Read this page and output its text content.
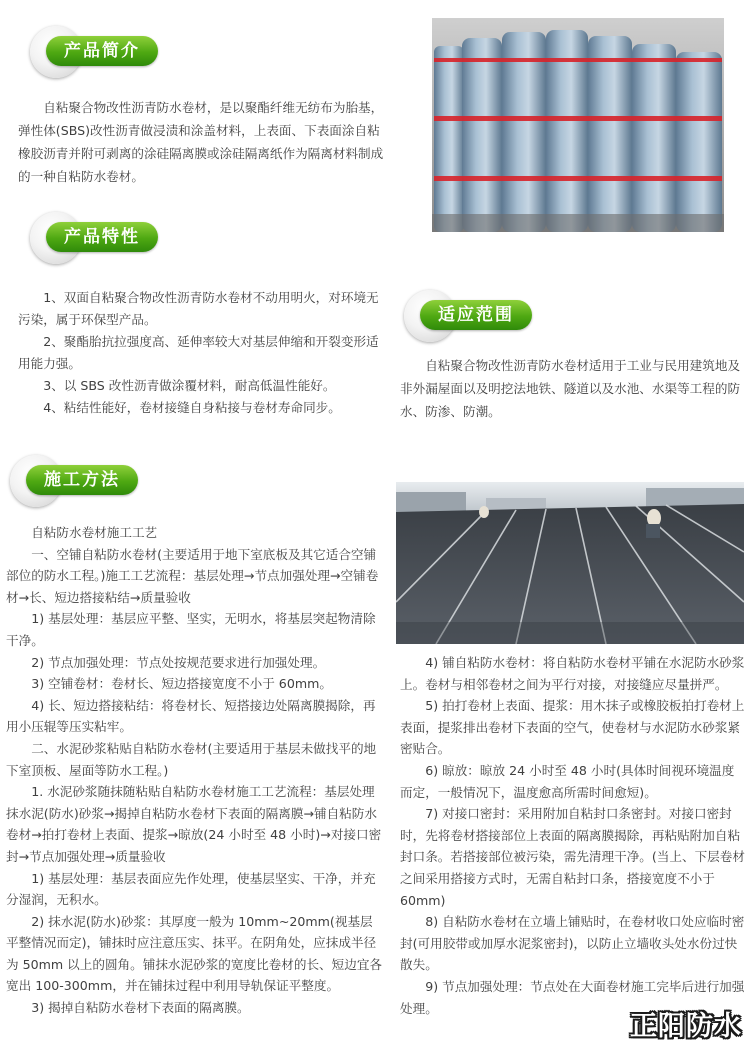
产品简介
自粘聚合物改性沥青防水卷材，是以聚酯纤维无纺布为胎基，弹性体(SBS)改性沥青做浸渍和涂盖材料，上表面、下表面涂自粘橡胶沥青并附可剥离的涂硅隔离膜或涂硅隔离纸作为隔离材料制成的一种自粘防水卷材。
产品特性

1、双面自粘聚合物改性沥青防水卷材不动用明火，对环境无污染，属于环保型产品。

2、聚酯胎抗拉强度高、延伸率较大对基层伸缩和开裂变形适用能力强。

3、以 SBS 改性沥青做涂覆材料，耐高低温性能好。

4、粘结性能好，卷材接缝自身粘接与卷材寿命同步。

适应范围
自粘聚合物改性沥青防水卷材适用于工业与民用建筑地及非外漏屋面以及明挖法地铁、隧道以及水池、水渠等工程的防水、防渗、防潮。
施工方法

自粘防水卷材施工工艺

一、空铺自粘防水卷材(主要适用于地下室底板及其它适合空铺部位的防水工程。)施工工艺流程：基层处理→节点加强处理→空铺卷材→长、短边搭接粘结→质量验收

1) 基层处理：基层应平整、坚实，无明水，将基层突起物清除干净。

2) 节点加强处理：节点处按规范要求进行加强处理。

3) 空铺卷材：卷材长、短边搭接宽度不小于 60mm。

4) 长、短边搭接粘结：将卷材长、短搭接边处隔离膜揭除，再用小压辊等压实粘牢。

二、水泥砂浆粘贴自粘防水卷材(主要适用于基层未做找平的地下室顶板、屋面等防水工程。)

1. 水泥砂浆随抹随粘贴自粘防水卷材施工工艺流程：基层处理抹水泥(防水)砂浆→揭掉自粘防水卷材下表面的隔离膜→铺自粘防水卷材→拍打卷材上表面、提浆→晾放(24 小时至 48 小时)→对接口密封→节点加强处理→质量验收

1) 基层处理：基层表面应先作处理，使基层坚实、干净，并充分湿润，无积水。

2) 抹水泥(防水)砂浆：其厚度一般为 10mm~20mm(视基层平整情况而定)，铺抹时应注意压实、抹平。在阴角处，应抹成半径为 50mm 以上的圆角。铺抹水泥砂浆的宽度比卷材的长、短边宜各宽出 100-300mm，并在铺抹过程中利用导轨保证平整度。

3) 揭掉自粘防水卷材下表面的隔离膜。

4) 铺自粘防水卷材：将自粘防水卷材平铺在水泥防水砂浆上。卷材与相邻卷材之间为平行对接，对接缝应尽量拼严。

5) 拍打卷材上表面、提浆：用木抹子或橡胶板拍打卷材上表面，提浆排出卷材下表面的空气，使卷材与水泥防水砂浆紧密贴合。

6) 晾放：晾放 24 小时至 48 小时(具体时间视环境温度而定，一般情况下，温度愈高所需时间愈短)。

7) 对接口密封：采用附加自粘封口条密封。对接口密封时，先将卷材搭接部位上表面的隔离膜揭除，再粘贴附加自粘封口条。若搭接部位被污染，需先清理干净。(当上、下层卷材之间采用搭接方式时，无需自粘封口条，搭接宽度不小于 60mm)

8) 自粘防水卷材在立墙上铺贴时，在卷材收口处应临时密封(可用胶带或加厚水泥浆密封)，以防止立墙收头处水份过快散失。

9) 节点加强处理：节点处在大面卷材施工完毕后进行加强处理。

正阳防水
